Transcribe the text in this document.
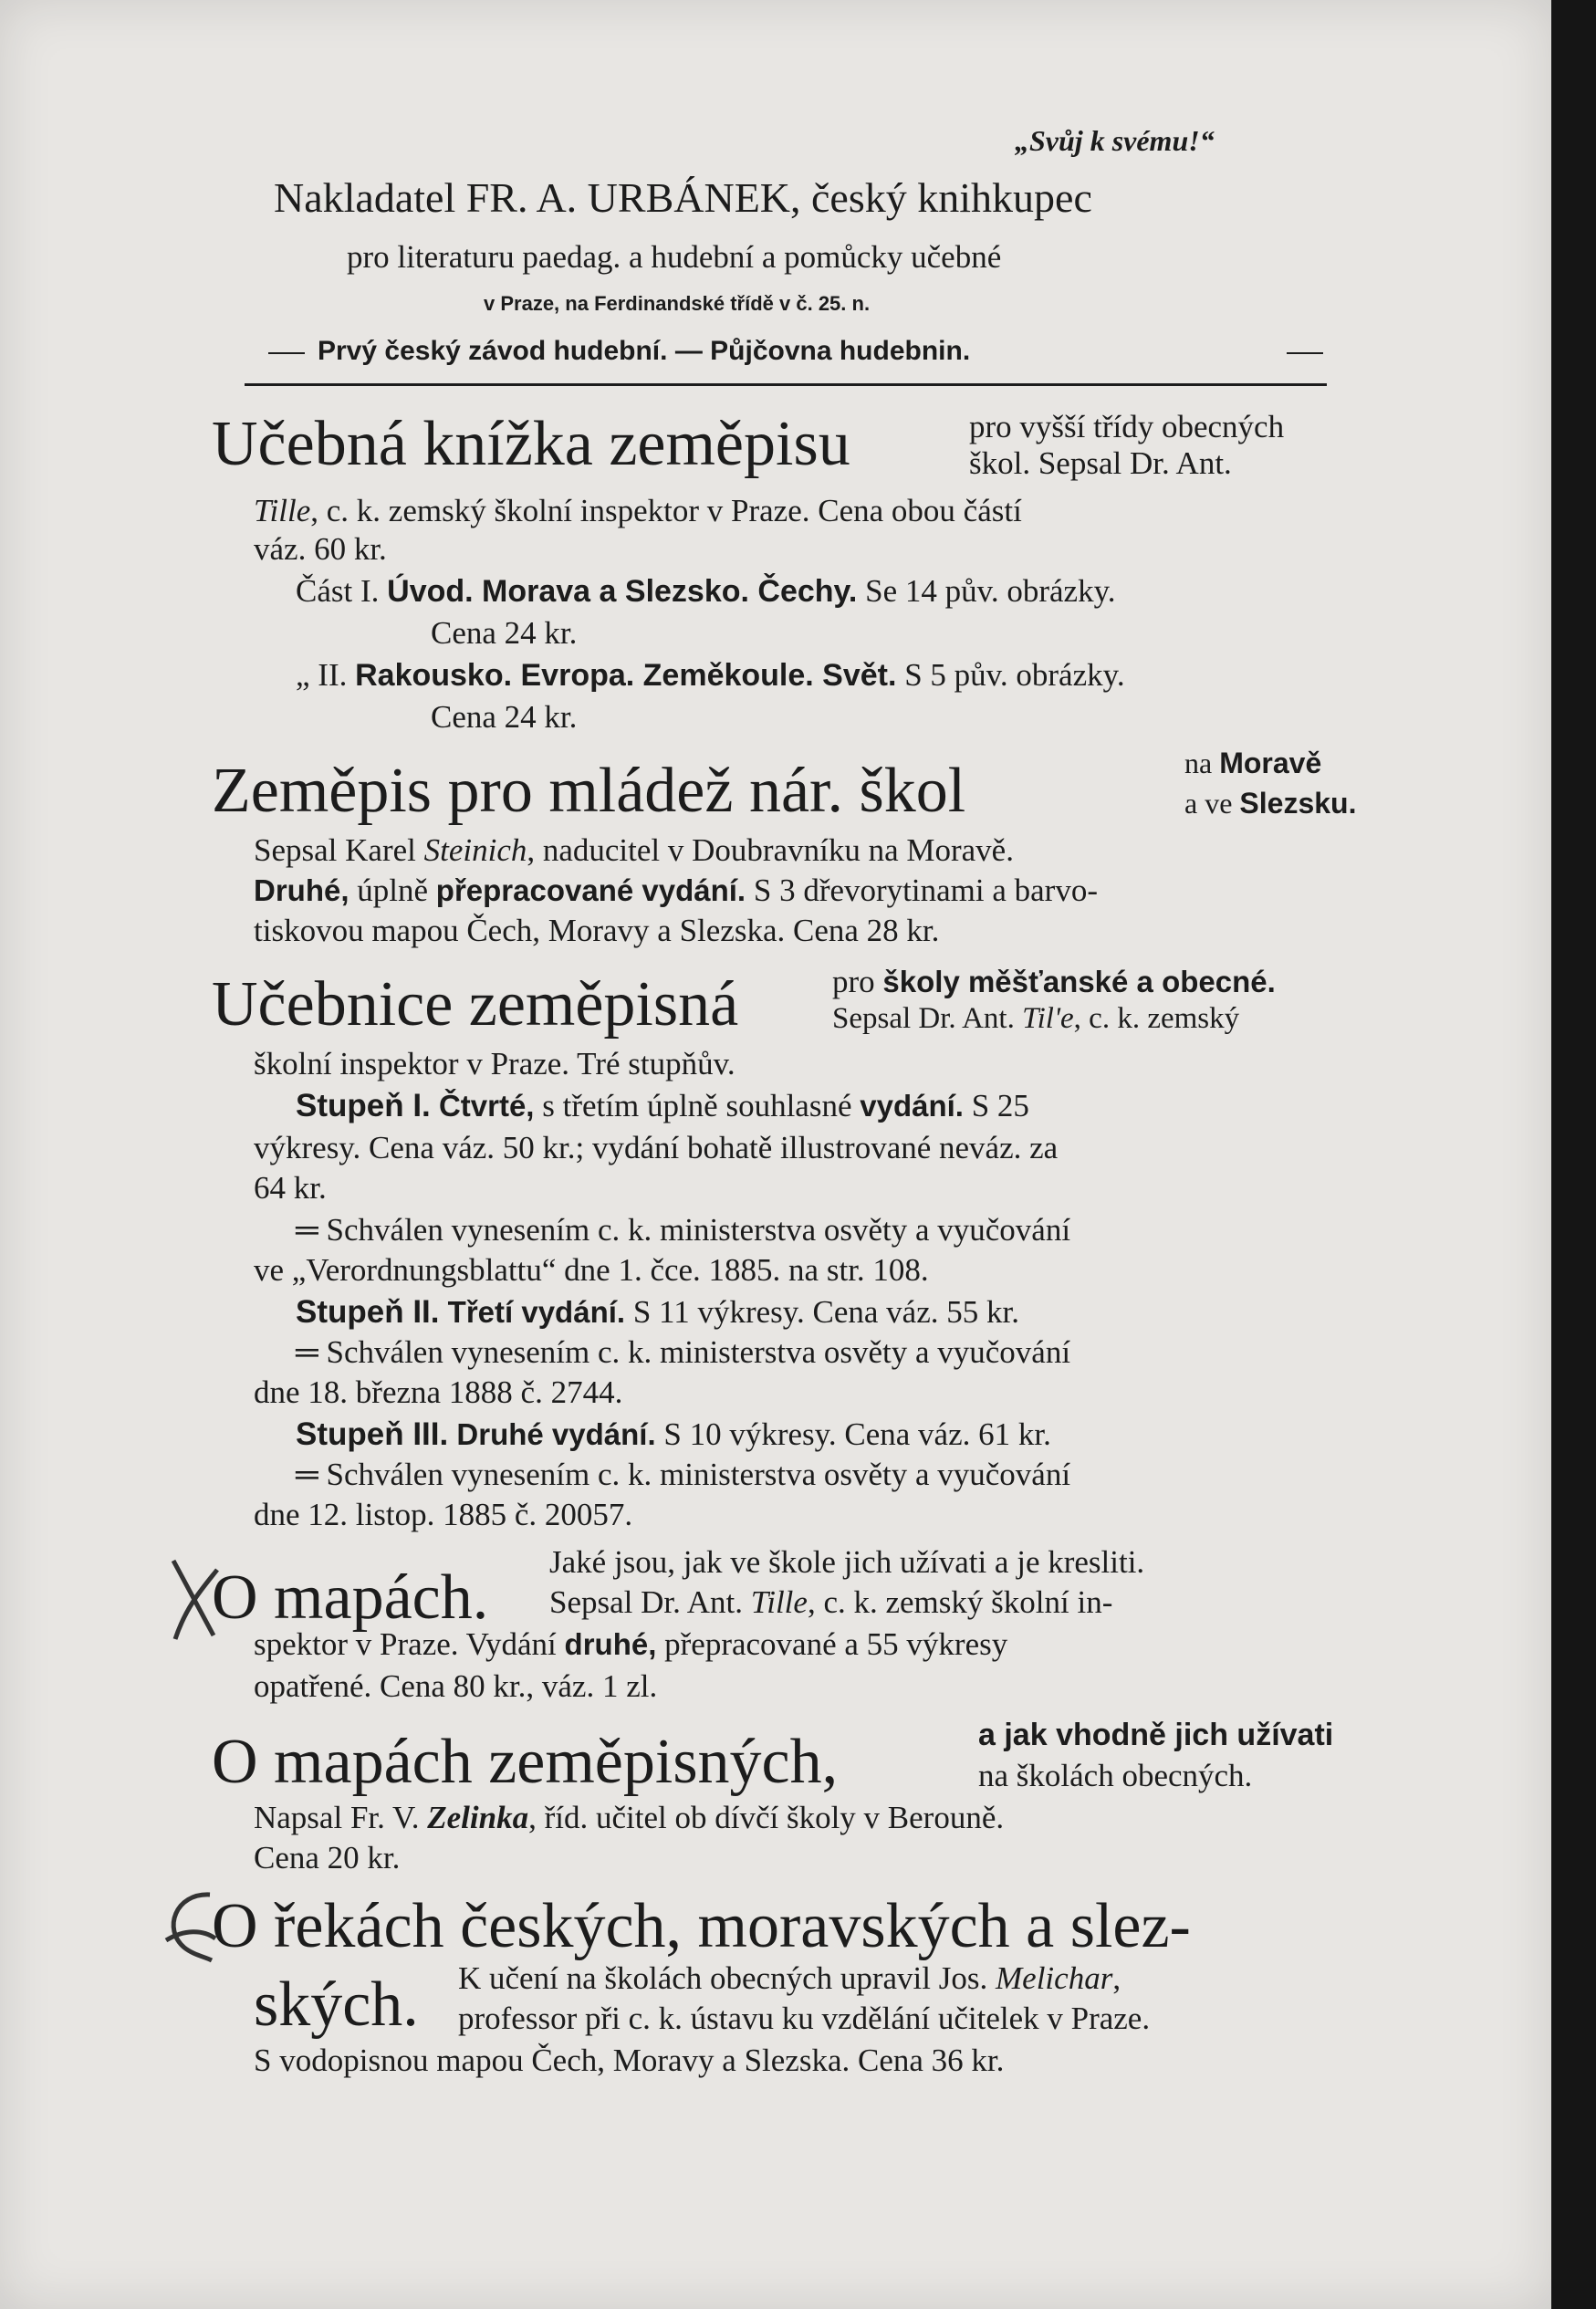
„Svůj k svému!“
Nakladatel FR. A. URBÁNEK, český knihkupec
pro literaturu paedag. a hudební a pomůcky učebné
v Praze, na Ferdinandské třídě v č. 25. n.
Prvý český závod hudební. — Půjčovna hudebnin.
Učebná knížka zeměpisu	pro vyšší třídy obecných
škol. Sepsal Dr. Ant.
Tille, c. k. zemský školní inspektor v Praze. Cena obou částí
váz. 60 kr.
Část I. Úvod. Morava a Slezsko. Čechy. Se 14 pův. obrázky.
Cena 24 kr.
„ II. Rakousko. Evropa. Zeměkoule. Svět. S 5 pův. obrázky.
Cena 24 kr.
Zeměpis pro mládež nár. škol	na Moravě
a ve Slezsku.
Sepsal Karel Steinich, naducitel v Doubravníku na Moravě.
Druhé, úplně přepracované vydání. S 3 dřevorytinami a barvo-
tiskovou mapou Čech, Moravy a Slezska. Cena 28 kr.
Učebnice zeměpisná	pro školy měšťanské a obecné.
Sepsal Dr. Ant. Til'e, c. k. zemský
školní inspektor v Praze. Tré stupňův.
Stupeň I. Čtvrté, s třetím úplně souhlasné vydání. S 25
výkresy. Cena váz. 50 kr.; vydání bohatě illustrované neváz. za
64 kr.
═ Schválen vynesením c. k. ministerstva osvěty a vyučování
ve „Verordnungsblattu“ dne 1. čce. 1885. na str. 108.
Stupeň II. Třetí vydání. S 11 výkresy. Cena váz. 55 kr.
═ Schválen vynesením c. k. ministerstva osvěty a vyučování
dne 18. března 1888 č. 2744.
Stupeň III. Druhé vydání. S 10 výkresy. Cena váz. 61 kr.
═ Schválen vynesením c. k. ministerstva osvěty a vyučování
dne 12. listop. 1885 č. 20057.
O mapách.
Jaké jsou, jak ve škole jich užívati a je kresliti.
Sepsal Dr. Ant. Tille, c. k. zemský školní in-
spektor v Praze. Vydání druhé, přepracované a 55 výkresy
opatřené. Cena 80 kr., váz. 1 zl.
O mapách zeměpisných,	a jak vhodně jich užívati
na školách obecných.
Napsal Fr. V. Zelinka, říd. učitel ob dívčí školy v Berouně.
Cena 20 kr.
O řekách českých, moravských a slez-
ských. K učení na školách obecných upravil Jos. Melichar,
professor při c. k. ústavu ku vzdělání učitelek v Praze.
S vodopisnou mapou Čech, Moravy a Slezska. Cena 36 kr.
